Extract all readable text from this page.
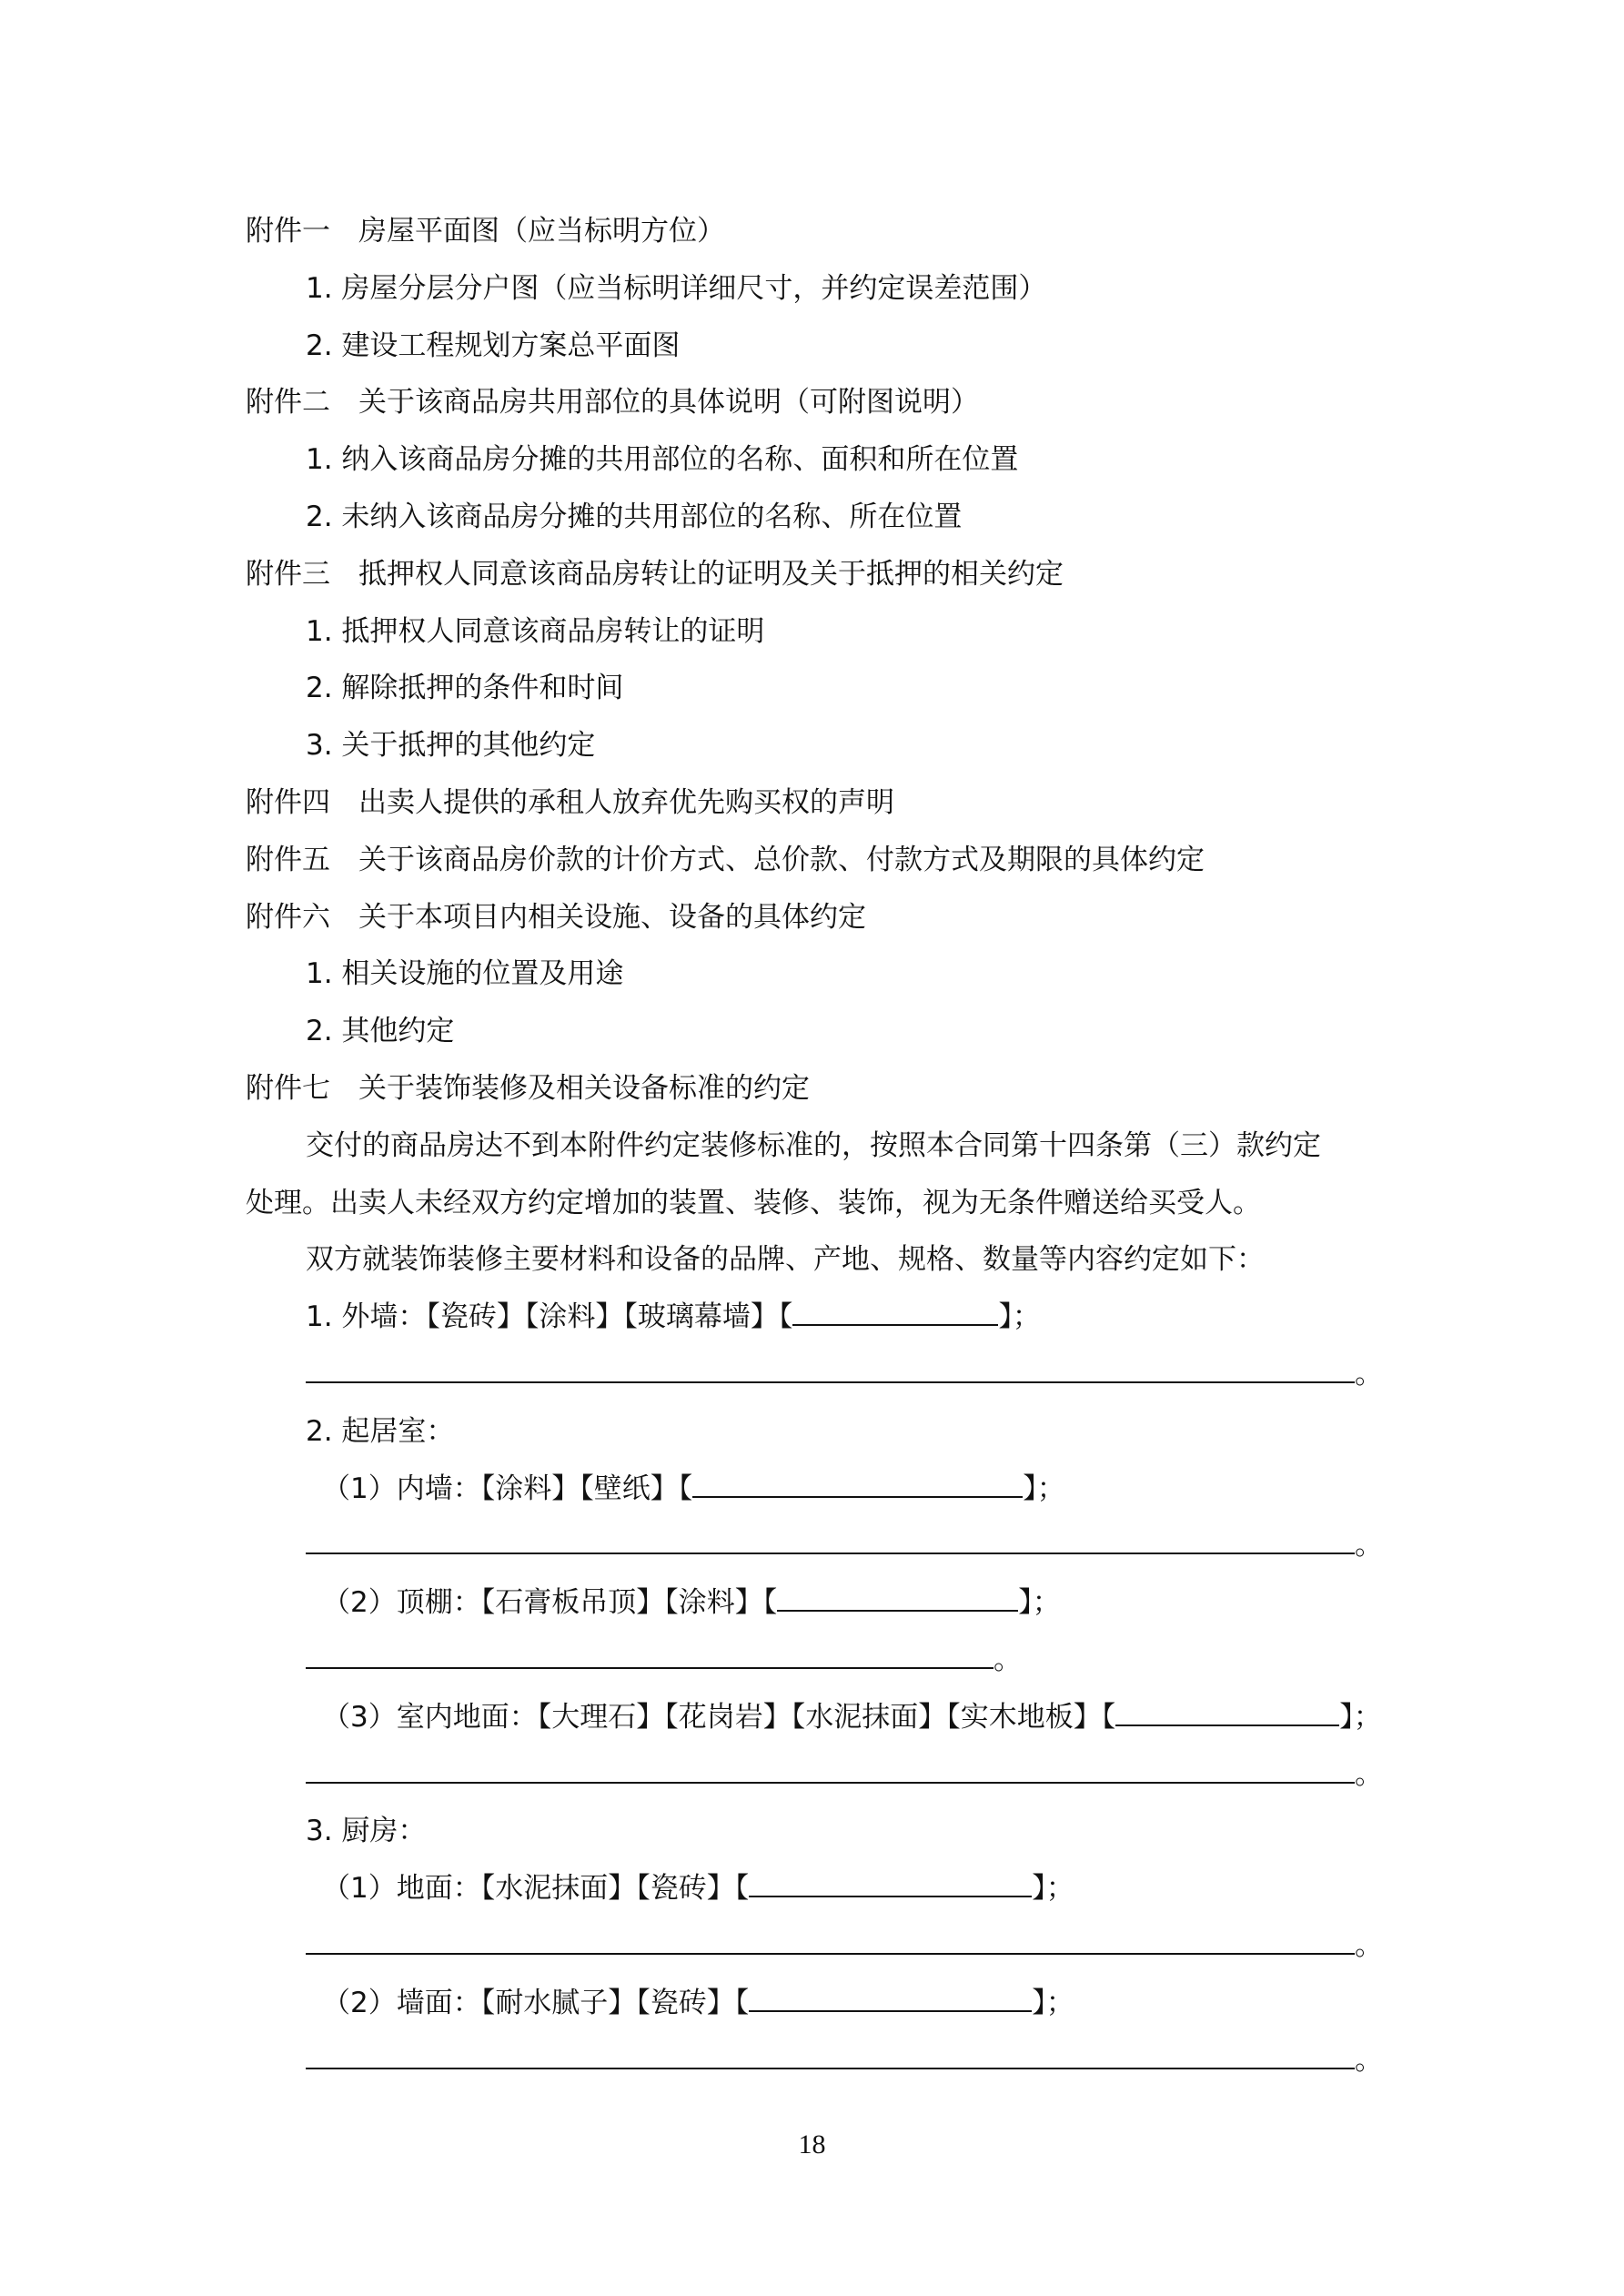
附件一　房屋平面图（应当标明方位）
1. 房屋分层分户图（应当标明详细尺寸，并约定误差范围）
2. 建设工程规划方案总平面图
附件二　关于该商品房共用部位的具体说明（可附图说明）
1. 纳入该商品房分摊的共用部位的名称、面积和所在位置
2. 未纳入该商品房分摊的共用部位的名称、所在位置
附件三　抵押权人同意该商品房转让的证明及关于抵押的相关约定
1. 抵押权人同意该商品房转让的证明
2. 解除抵押的条件和时间
3. 关于抵押的其他约定
附件四　出卖人提供的承租人放弃优先购买权的声明
附件五　关于该商品房价款的计价方式、总价款、付款方式及期限的具体约定
附件六　关于本项目内相关设施、设备的具体约定
1. 相关设施的位置及用途
2. 其他约定
附件七　关于装饰装修及相关设备标准的约定
交付的商品房达不到本附件约定装修标准的，按照本合同第十四条第（三）款约定
处理。出卖人未经双方约定增加的装置、装修、装饰，视为无条件赠送给买受人。
双方就装饰装修主要材料和设备的品牌、产地、规格、数量等内容约定如下：
1. 外墙：【瓷砖】【涂料】【玻璃幕墙】【	】；
。
2. 起居室：
（1）内墙：【涂料】【壁纸】【	】；
。
（2）顶棚：【石膏板吊顶】【涂料】【	】；
。
（3）室内地面：【大理石】【花岗岩】【水泥抹面】【实木地板】【	】；
。
3. 厨房：
（1）地面：【水泥抹面】【瓷砖】【	】；
。
（2）墙面：【耐水腻子】【瓷砖】【	】；
。
18
